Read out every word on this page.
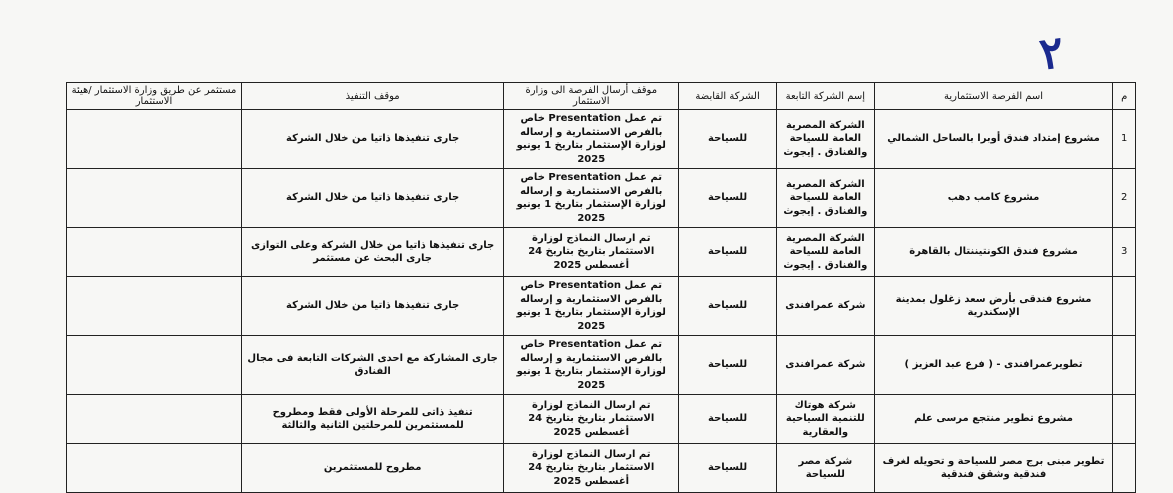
٢
م	اسم الفرصة الاستثمارية	إسم الشركة التابعة	الشركة القابضة	موقف أرسال الفرصة الى وزارة الاستثمار	موقف التنفيذ	مستثمر عن طريق وزارة الاستثمار /هيئة الاستثمار
1	مشروع إمتداد فندق أوبرا بالساحل الشمالي	الشركة المصرية العامة للسياحة والفنادق . إيجوث	للسياحة	تم عمل Presentation خاص بالفرص الاستثمارية و إرساله لوزارة الإستثمار بتاريخ 1 يونيو 2025	جارى تنفيذها ذاتيا من خلال الشركة	
2	مشروع كامب دهب	الشركة المصرية العامة للسياحة والفنادق . إيجوث	للسياحة	تم عمل Presentation خاص بالفرص الاستثمارية و إرساله لوزارة الإستثمار بتاريخ 1 يونيو 2025	جارى تنفيذها ذاتيا من خلال الشركة	
3	مشروع فندق الكونتيننتال بالقاهرة	الشركة المصرية العامة للسياحة والفنادق . إيجوث	للسياحة	تم ارسال النماذج لوزارة الاستثمار بتاريخ بتاريخ 24 أغسطس 2025	جارى تنفيذها ذاتيا من خلال الشركة وعلى التوازى جارى البحث عن مستثمر	
	مشروع فندقى بأرض سعد زغلول بمدينة الإسكندرية	شركة عمرافندى	للسياحة	تم عمل Presentation خاص بالفرص الاستثمارية و إرساله لوزارة الإستثمار بتاريخ 1 يونيو 2025	جارى تنفيذها ذاتيا من خلال الشركة	
	تطويرعمرافندى - ( فرع عبد العزيز )	شركة عمرافندى	للسياحة	تم عمل Presentation خاص بالفرص الاستثمارية و إرساله لوزارة الإستثمار بتاريخ 1 يونيو 2025	جارى المشاركة مع احدى الشركات التابعة فى مجال الفنادق	
	مشروع تطوير منتجع مرسى علم	شركة هوتاك للتنمية السياحية والعقارية	للسياحة	تم ارسال النماذج لوزارة الاستثمار بتاريخ بتاريخ 24 أغسطس 2025	تنفيذ ذاتى للمرحلة الأولى فقط ومطروح للمستثمرين للمرحلتين الثانية والثالثة	
	تطوير مبنى برج مصر للسياحة و تحويله لغرف فندقية وشقق فندقية	شركة مصر للسياحة	للسياحة	تم ارسال النماذج لوزارة الاستثمار بتاريخ بتاريخ 24 أغسطس 2025	مطروح للمستثمرين	
